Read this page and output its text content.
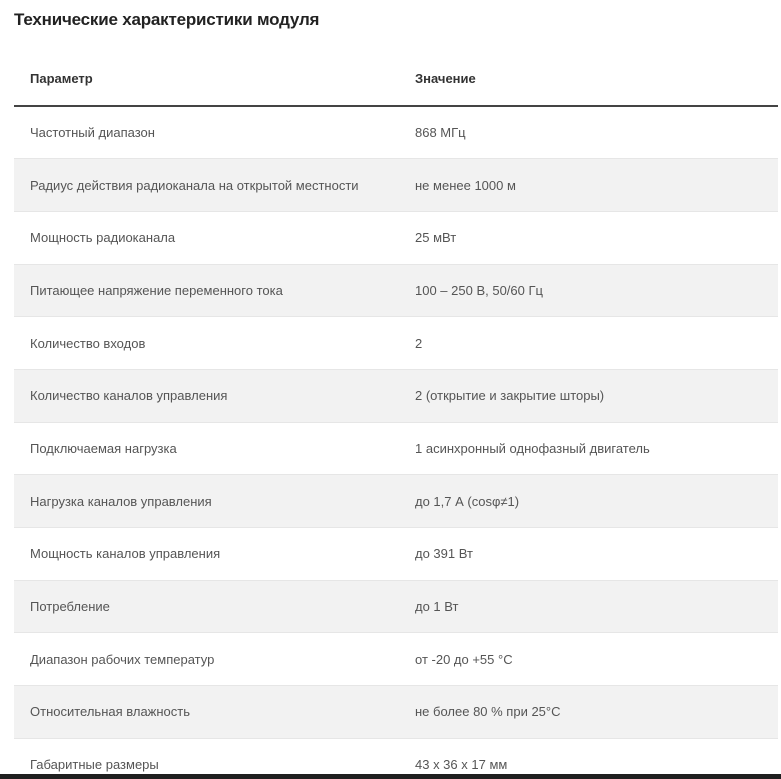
Технические характеристики модуля
Параметр	Значение
Частотный диапазон	868 МГц
Радиус действия радиоканала на открытой местности	не менее 1000 м
Мощность радиоканала	25 мВт
Питающее напряжение переменного тока	100 – 250 В, 50/60 Гц
Количество входов	2
Количество каналов управления	2 (открытие и закрытие шторы)
Подключаемая нагрузка	1 асинхронный однофазный двигатель
Нагрузка каналов управления	до 1,7 А (cosφ≠1)
Мощность каналов управления	до 391 Вт
Потребление	до 1 Вт
Диапазон рабочих температур	от -20 до +55 °С
Относительная влажность	не более 80 % при 25°С
Габаритные размеры	43 х 36 х 17 мм
